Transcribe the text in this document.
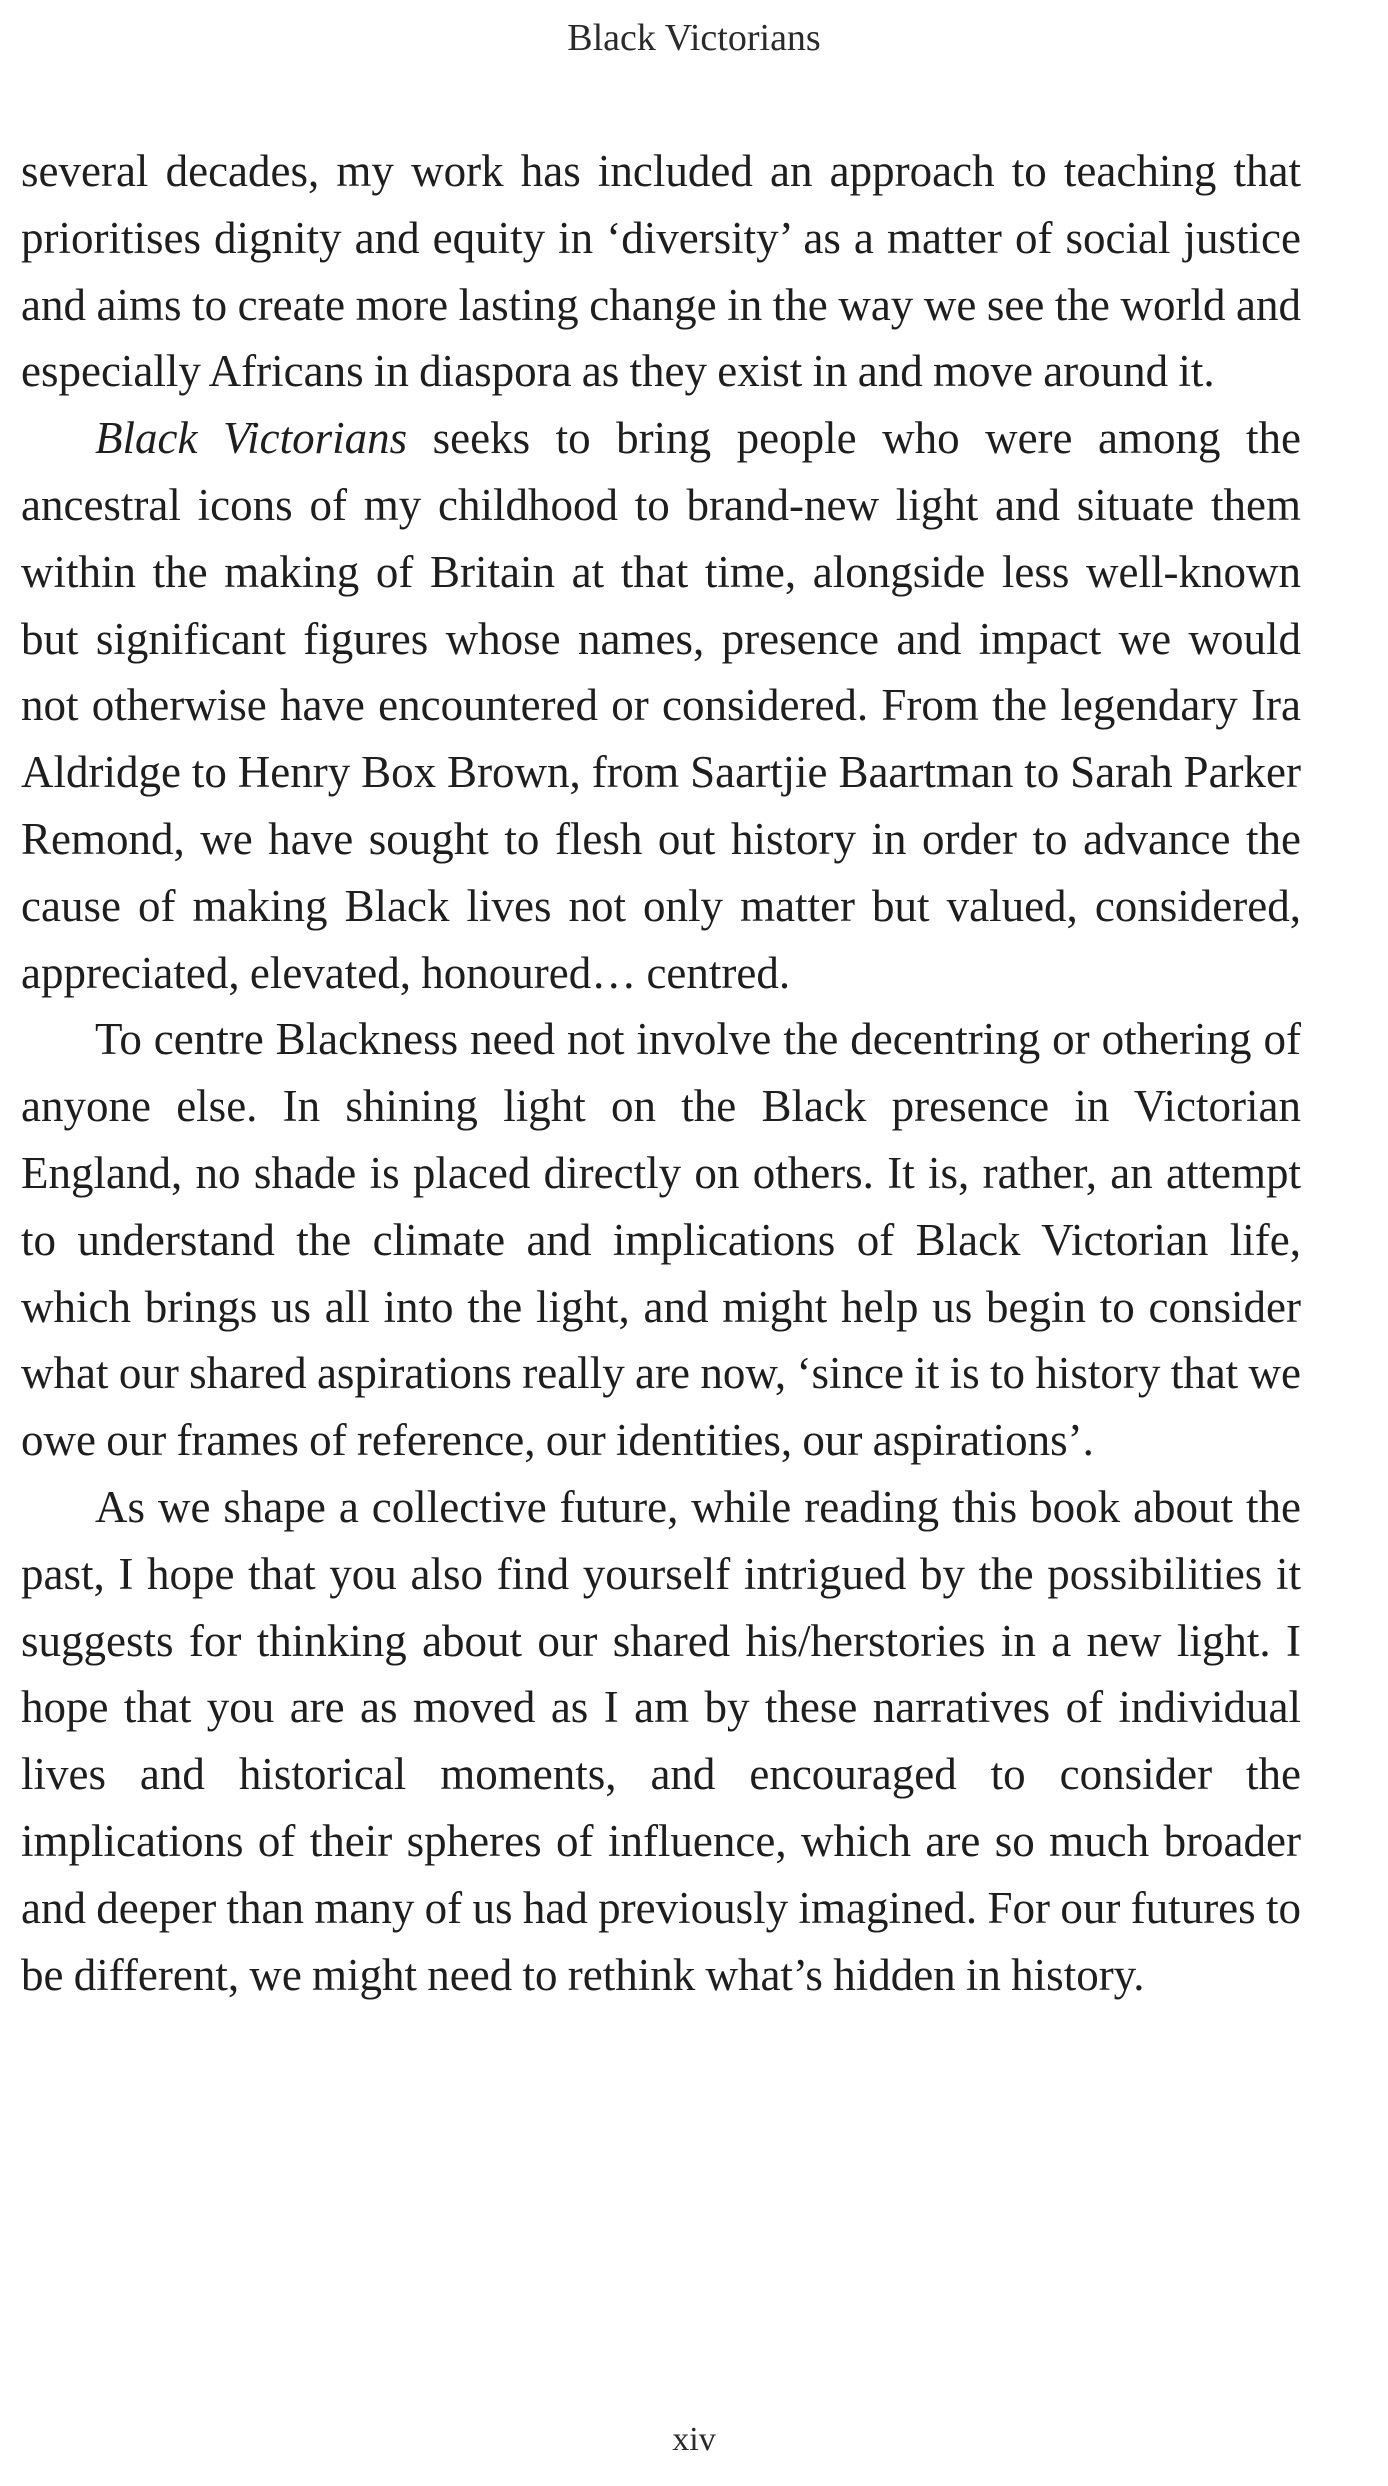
Black Victorians

several decades, my work has included an approach to teaching that prioritises dignity and equity in ‘diversity’ as a matter of social justice and aims to create more lasting change in the way we see the world and especially Africans in diaspora as they exist in and move around it.

Black Victorians seeks to bring people who were among the ancestral icons of my childhood to brand-new light and situate them within the making of Britain at that time, alongside less well-known but significant figures whose names, presence and impact we would not otherwise have encountered or considered. From the legendary Ira Aldridge to Henry Box Brown, from Saartjie Baartman to Sarah Parker Remond, we have sought to flesh out history in order to advance the cause of making Black lives not only matter but valued, considered, appreciated, elevated, honoured… centred.

To centre Blackness need not involve the decentring or othering of anyone else. In shining light on the Black presence in Victorian England, no shade is placed directly on others. It is, rather, an attempt to understand the climate and implications of Black Victorian life, which brings us all into the light, and might help us begin to consider what our shared aspirations really are now, ‘since it is to history that we owe our frames of reference, our identities, our aspirations’.

As we shape a collective future, while reading this book about the past, I hope that you also find yourself intrigued by the possibilities it suggests for thinking about our shared his/herstories in a new light. I hope that you are as moved as I am by these narratives of individual lives and historical moments, and encouraged to consider the implications of their spheres of influence, which are so much broader and deeper than many of us had previously imagined. For our futures to be different, we might need to rethink what’s hidden in history.

xiv
